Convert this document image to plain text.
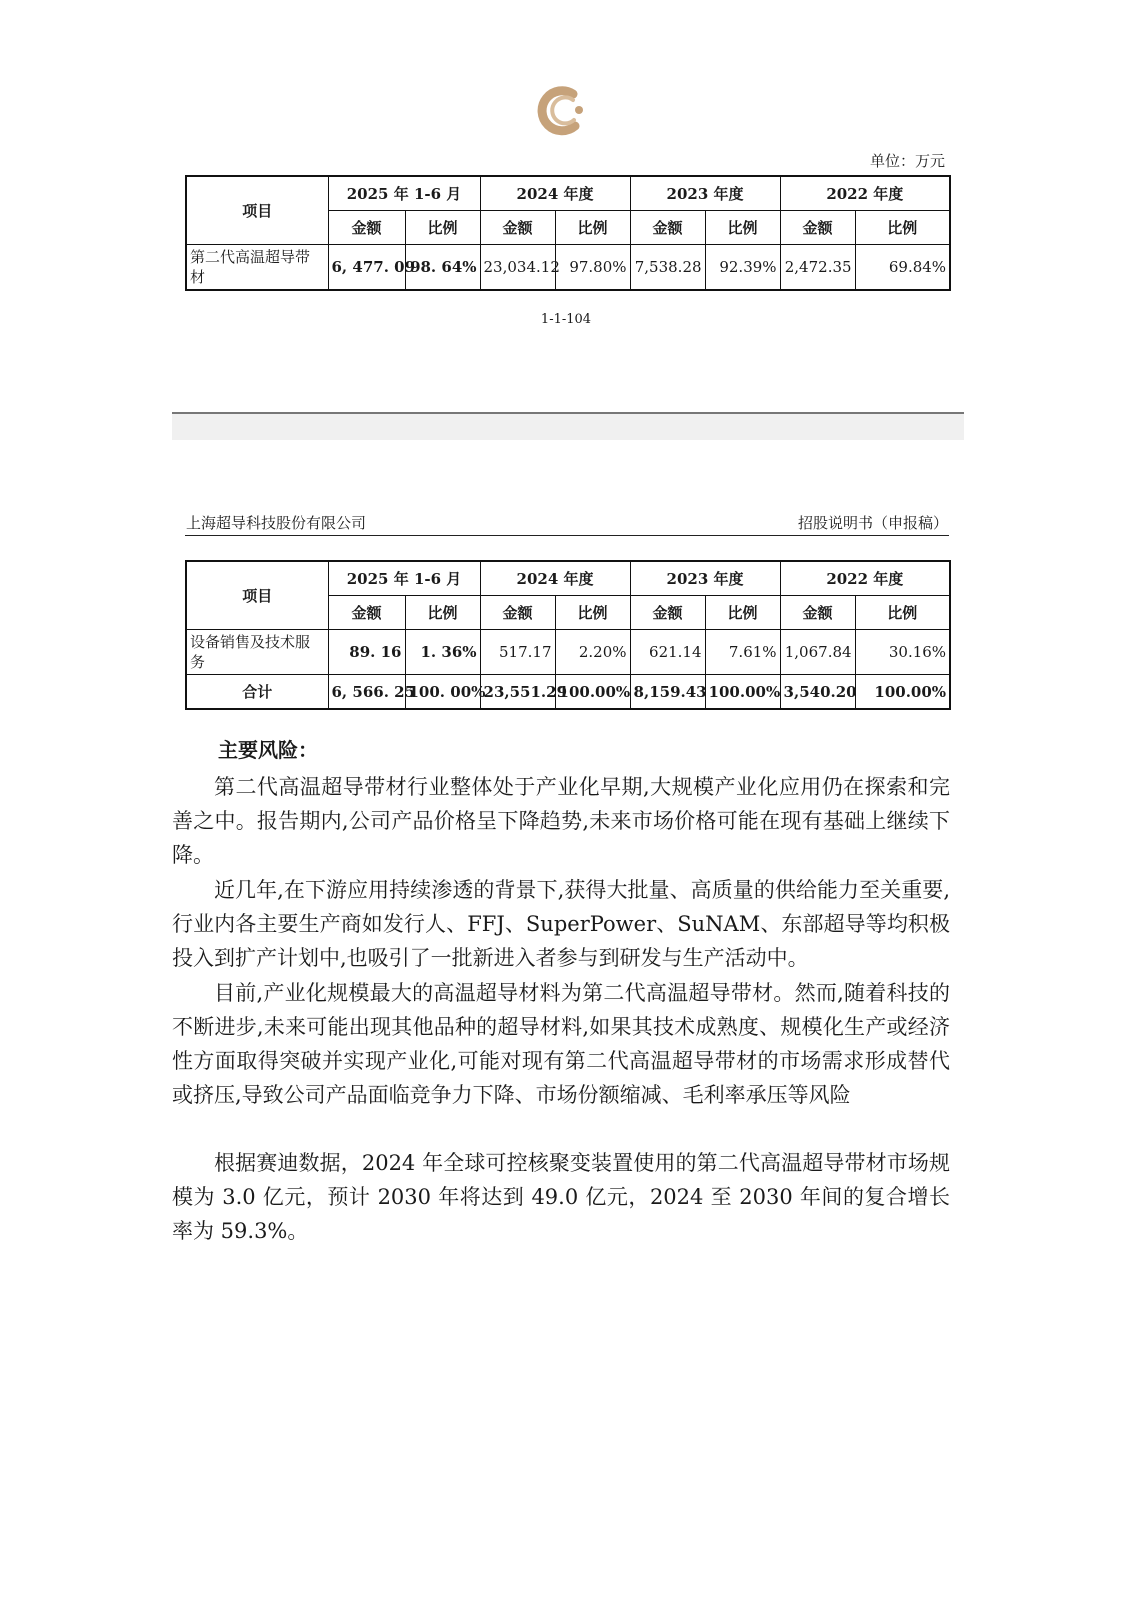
单位：万元
项目	2025 年 1-6 月		2024 年度		2023 年度		2022 年度	
	金额	比例	金额	比例	金额	比例	金额	比例
第二代高温超导带材	6, 477. 09	98. 64%	23,034.12	97.80%	7,538.28	92.39%	2,472.35	69.84%
1-1-104
上海超导科技股份有限公司	招股说明书（申报稿）
项目	2025 年 1-6 月		2024 年度		2023 年度		2022 年度	
	金额	比例	金额	比例	金额	比例	金额	比例
设备销售及技术服务	89. 16	1. 36%	517.17	2.20%	621.14	7.61%	1,067.84	30.16%
合计	6, 566. 25	100. 00%	23,551.29	100.00%	8,159.43	100.00%	3,540.20	100.00%
主要风险：
第二代高温超导带材行业整体处于产业化早期,大规模产业化应用仍在探索和完善之中。报告期内,公司产品价格呈下降趋势,未来市场价格可能在现有基础上继续下降。
近几年,在下游应用持续渗透的背景下,获得大批量、高质量的供给能力至关重要,行业内各主要生产商如发行人、FFJ、SuperPower、SuNAM、东部超导等均积极投入到扩产计划中,也吸引了一批新进入者参与到研发与生产活动中。
目前,产业化规模最大的高温超导材料为第二代高温超导带材。然而,随着科技的不断进步,未来可能出现其他品种的超导材料,如果其技术成熟度、规模化生产或经济性方面取得突破并实现产业化,可能对现有第二代高温超导带材的市场需求形成替代或挤压,导致公司产品面临竞争力下降、市场份额缩减、毛利率承压等风险
根据赛迪数据，2024 年全球可控核聚变装置使用的第二代高温超导带材市场规模为 3.0 亿元，预计 2030 年将达到 49.0 亿元，2024 至 2030 年间的复合增长率为 59.3%。
